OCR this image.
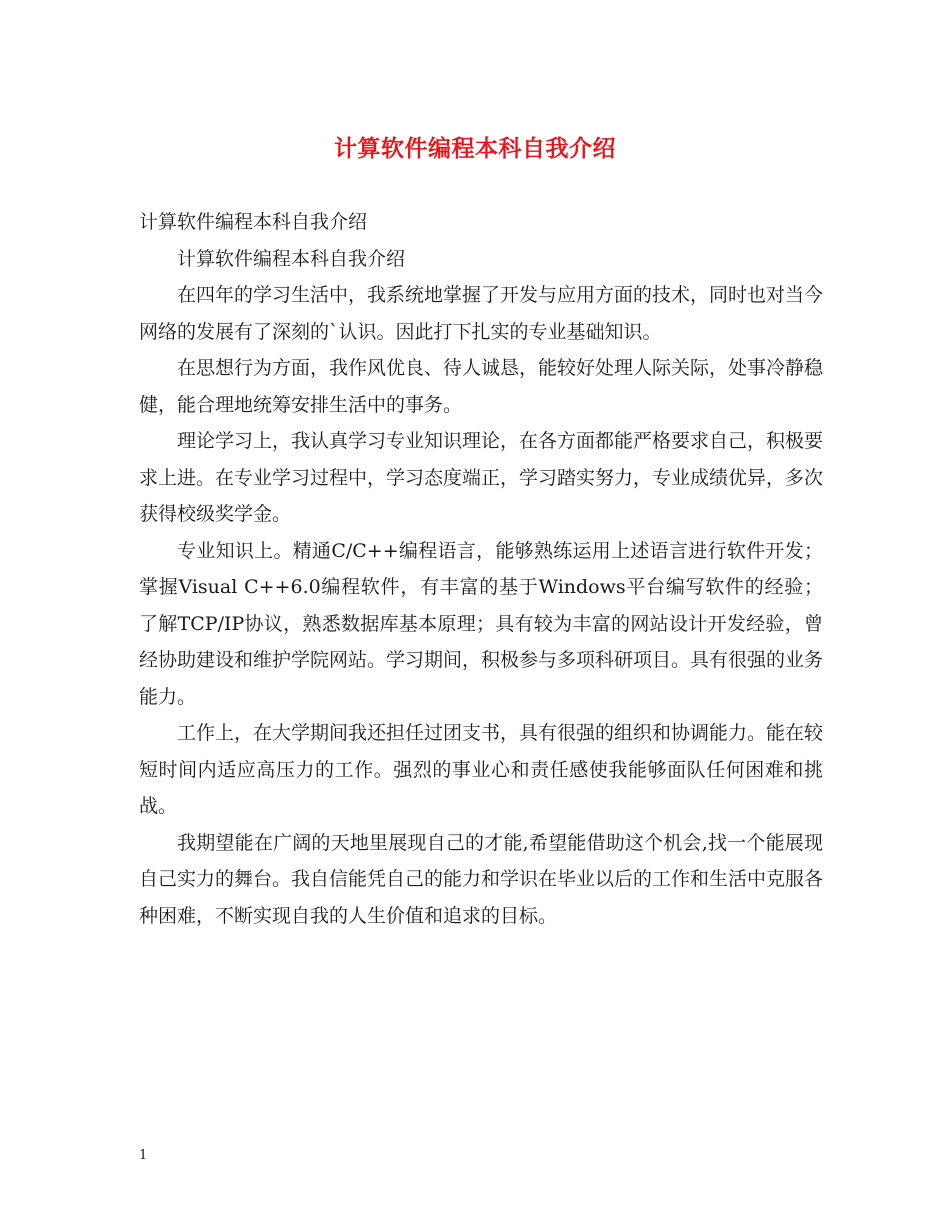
计算软件编程本科自我介绍

计算软件编程本科自我介绍

计算软件编程本科自我介绍

在四年的学习生活中，我系统地掌握了开发与应用方面的技术，同时也对当今网络的发展有了深刻的`认识。因此打下扎实的专业基础知识。

在思想行为方面，我作风优良、待人诚恳，能较好处理人际关际，处事冷静稳健，能合理地统筹安排生活中的事务。

理论学习上，我认真学习专业知识理论，在各方面都能严格要求自己，积极要求上进。在专业学习过程中，学习态度端正，学习踏实努力，专业成绩优异，多次获得校级奖学金。

专业知识上。精通C/C++编程语言，能够熟练运用上述语言进行软件开发；掌握Visual C++6.0编程软件，有丰富的基于Windows平台编写软件的经验；了解TCP/IP协议，熟悉数据库基本原理；具有较为丰富的网站设计开发经验，曾经协助建设和维护学院网站。学习期间，积极参与多项科研项目。具有很强的业务能力。

工作上，在大学期间我还担任过团支书，具有很强的组织和协调能力。能在较短时间内适应高压力的工作。强烈的事业心和责任感使我能够面队任何困难和挑战。

我期望能在广阔的天地里展现自己的才能,希望能借助这个机会,找一个能展现自己实力的舞台。我自信能凭自己的能力和学识在毕业以后的工作和生活中克服各种困难，不断实现自我的人生价值和追求的目标。

1
